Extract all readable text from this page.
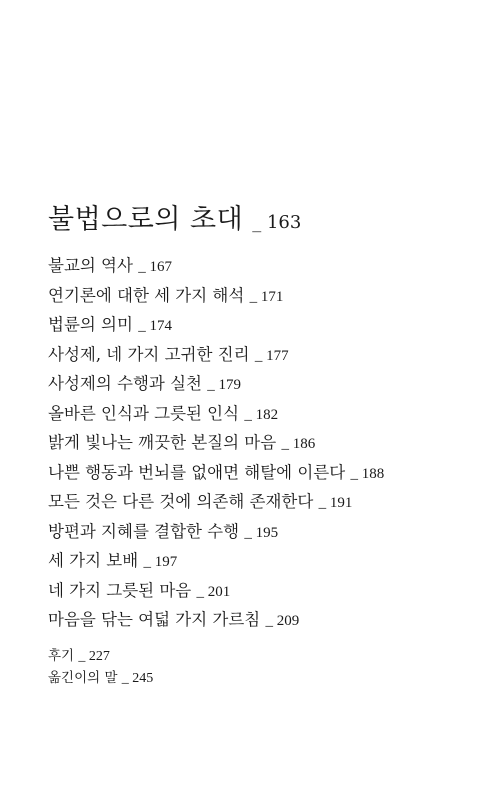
불법으로의 초대 _ 163
불교의 역사 _ 167
연기론에 대한 세 가지 해석 _ 171
법륜의 의미 _ 174
사성제, 네 가지 고귀한 진리 _ 177
사성제의 수행과 실천 _ 179
올바른 인식과 그릇된 인식 _ 182
밝게 빛나는 깨끗한 본질의 마음 _ 186
나쁜 행동과 번뇌를 없애면 해탈에 이른다 _ 188
모든 것은 다른 것에 의존해 존재한다 _ 191
방편과 지혜를 결합한 수행 _ 195
세 가지 보배 _ 197
네 가지 그릇된 마음 _ 201
마음을 닦는 여덟 가지 가르침 _ 209
후기 _ 227
옮긴이의 말 _ 245
